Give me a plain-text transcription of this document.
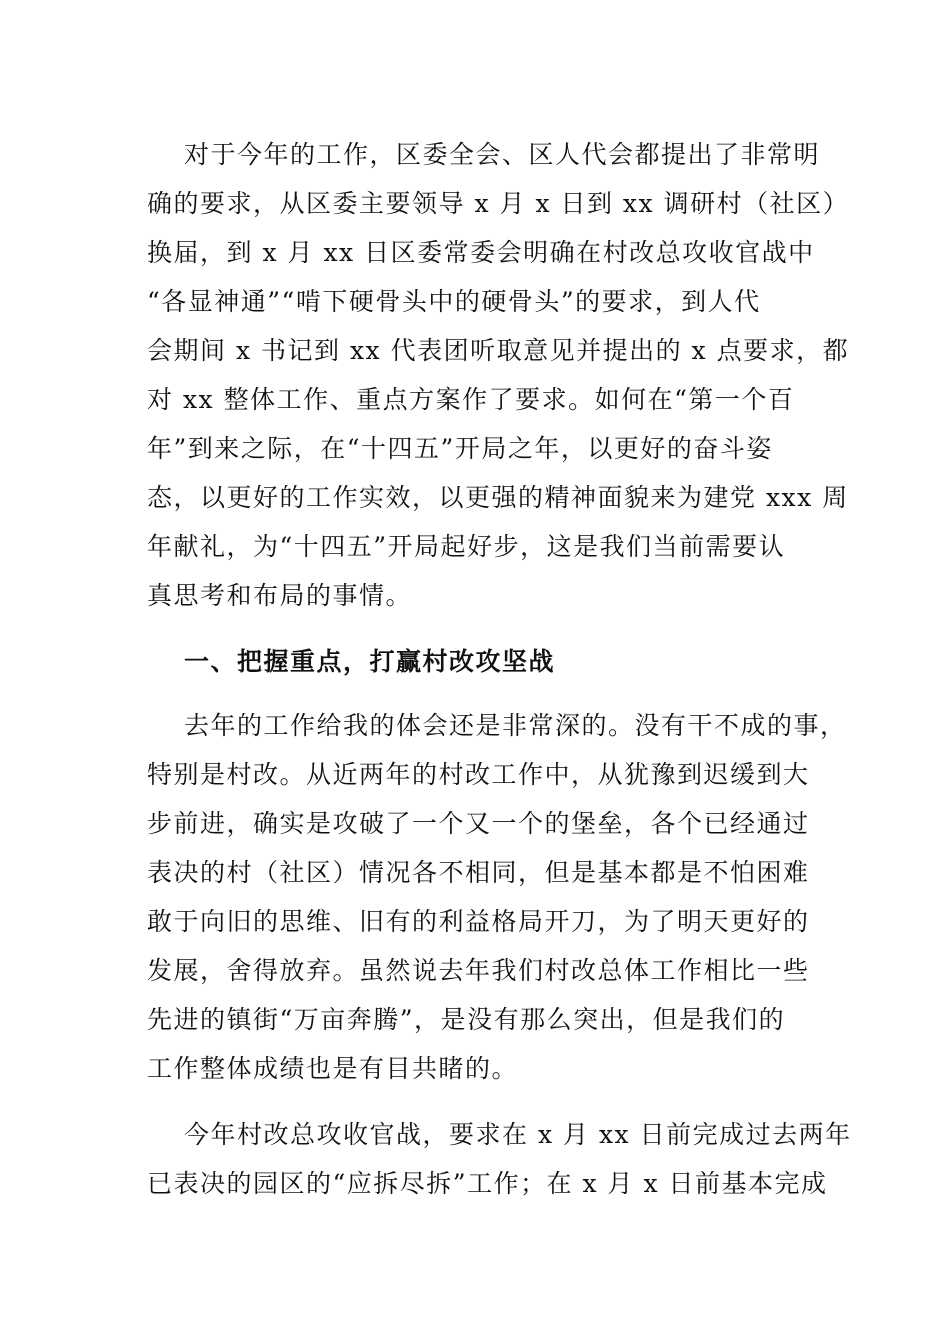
对于今年的工作，区委全会、区人代会都提出了非常明
确的要求，从区委主要领导 x 月 x 日到 xx 调研村（社区）
换届，到 x 月 xx 日区委常委会明确在村改总攻收官战中
“各显神通”“啃下硬骨头中的硬骨头”的要求，到人代
会期间 x 书记到 xx 代表团听取意见并提出的 x 点要求，都
对 xx 整体工作、重点方案作了要求。如何在“第一个百
年”到来之际，在“十四五”开局之年，以更好的奋斗姿
态，以更好的工作实效，以更强的精神面貌来为建党 xxx 周
年献礼，为“十四五”开局起好步，这是我们当前需要认
真思考和布局的事情。
一、把握重点，打赢村改攻坚战
去年的工作给我的体会还是非常深的。没有干不成的事，
特别是村改。从近两年的村改工作中，从犹豫到迟缓到大
步前进，确实是攻破了一个又一个的堡垒，各个已经通过
表决的村（社区）情况各不相同，但是基本都是不怕困难
敢于向旧的思维、旧有的利益格局开刀，为了明天更好的
发展，舍得放弃。虽然说去年我们村改总体工作相比一些
先进的镇街“万亩奔腾”，是没有那么突出，但是我们的
工作整体成绩也是有目共睹的。
今年村改总攻收官战，要求在 x 月 xx 日前完成过去两年
已表决的园区的“应拆尽拆”工作；在 x 月 x 日前基本完成
